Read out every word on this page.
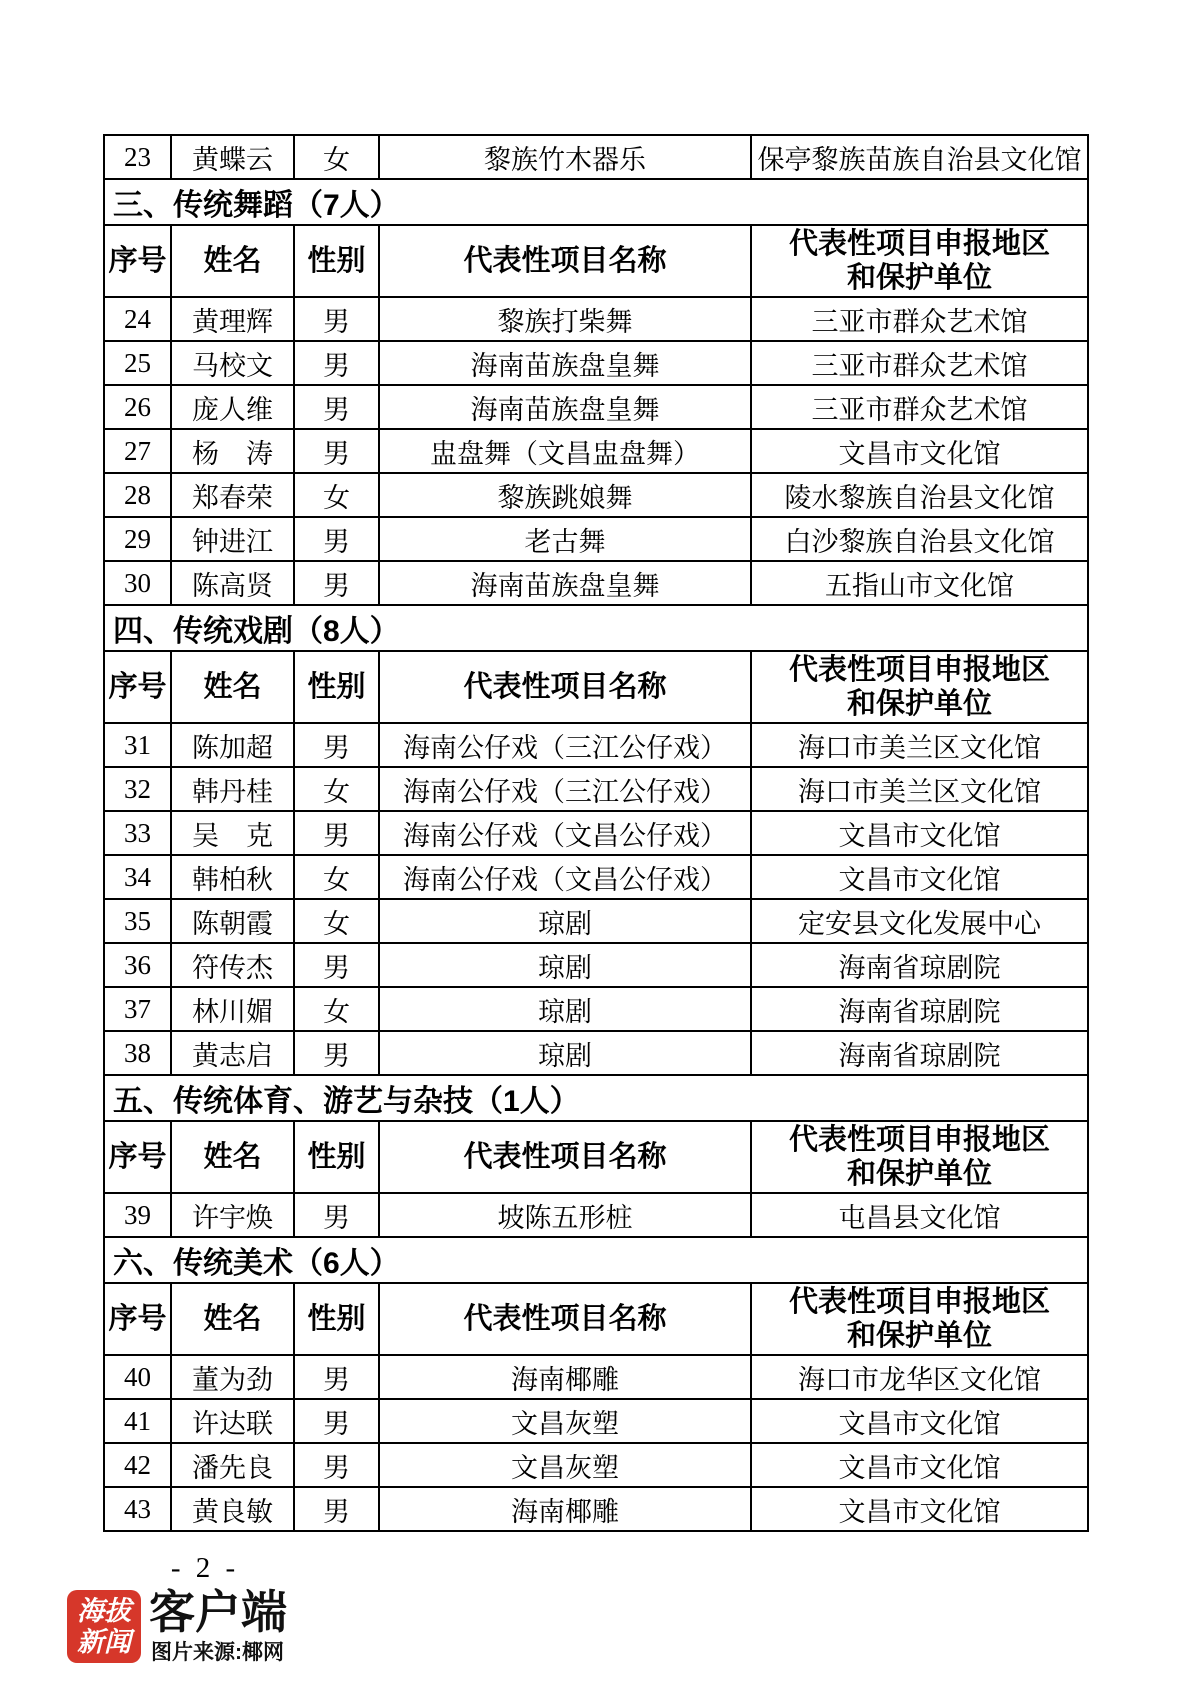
23	黄蝶云	女	黎族竹木器乐	保亭黎族苗族自治县文化馆
三、传统舞蹈（7人）				
序号	姓名	性别	代表性项目名称	代表性项目申报地区
和保护单位
24	黄理辉	男	黎族打柴舞	三亚市群众艺术馆
25	马校文	男	海南苗族盘皇舞	三亚市群众艺术馆
26	庞人维	男	海南苗族盘皇舞	三亚市群众艺术馆
27	杨　涛	男	盅盘舞（文昌盅盘舞）	文昌市文化馆
28	郑春荣	女	黎族跳娘舞	陵水黎族自治县文化馆
29	钟进江	男	老古舞	白沙黎族自治县文化馆
30	陈高贤	男	海南苗族盘皇舞	五指山市文化馆
四、传统戏剧（8人）				
序号	姓名	性别	代表性项目名称	代表性项目申报地区
和保护单位
31	陈加超	男	海南公仔戏（三江公仔戏）	海口市美兰区文化馆
32	韩丹桂	女	海南公仔戏（三江公仔戏）	海口市美兰区文化馆
33	吴　克	男	海南公仔戏（文昌公仔戏）	文昌市文化馆
34	韩柏秋	女	海南公仔戏（文昌公仔戏）	文昌市文化馆
35	陈朝霞	女	琼剧	定安县文化发展中心
36	符传杰	男	琼剧	海南省琼剧院
37	林川媚	女	琼剧	海南省琼剧院
38	黄志启	男	琼剧	海南省琼剧院
五、传统体育、游艺与杂技（1人）				
序号	姓名	性别	代表性项目名称	代表性项目申报地区
和保护单位
39	许宇焕	男	坡陈五形桩	屯昌县文化馆
六、传统美术（6人）				
序号	姓名	性别	代表性项目名称	代表性项目申报地区
和保护单位
40	董为劲	男	海南椰雕	海口市龙华区文化馆
41	许达联	男	文昌灰塑	文昌市文化馆
42	潘先良	男	文昌灰塑	文昌市文化馆
43	黄良敏	男	海南椰雕	文昌市文化馆
- 2 -
海拔
新闻
客户端
图片来源:椰网
